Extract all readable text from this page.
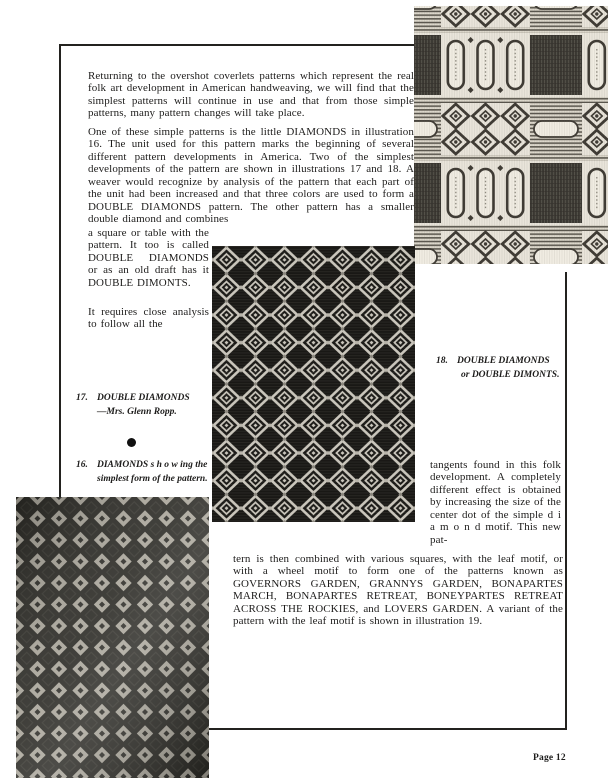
Returning to the overshot coverlets patterns which represent the real folk art development in American handweaving, we will find that the simplest patterns will continue in use and that from those simple patterns, many pattern changes will take place.

One of these simple patterns is the little DIAMONDS in illustration 16. The unit used for this pattern marks the beginning of several different pattern developments in America. Two of the simplest developments of the pattern are shown in illustrations 17 and 18. A weaver would recognize by analysis of the pattern that each part of the unit had been increased and that three colors are used to form a DOUBLE DIAMONDS pattern. The other pattern has a smaller double diamond and combines

a square or table with the pattern. It too is called DOUBLE DIAMONDS or as an old draft has it DOUBLE DIMONTS.

It requires close analysis to follow all the

tangents found in this folk development. A completely different effect is obtained by increasing the size of the center dot of the simple d i a m o n d motif. This new pat-

tern is then combined with various squares, with the leaf motif, or with a wheel motif to form one of the patterns known as GOVERNORS GARDEN, GRANNYS GARDEN, BONAPARTES MARCH, BONAPARTES RETREAT, BONEYPARTES RETREAT ACROSS THE ROCKIES, and LOVERS GARDEN. A variant of the pattern with the leaf motif is shown in illustration 19.

17. DOUBLE DIAMONDS
—Mrs. Glenn Ropp.
16. DIAMONDS s h o w ing the simplest form of the pattern.
18. DOUBLE DIAMONDS
or DOUBLE DIMONTS.
Page 12
